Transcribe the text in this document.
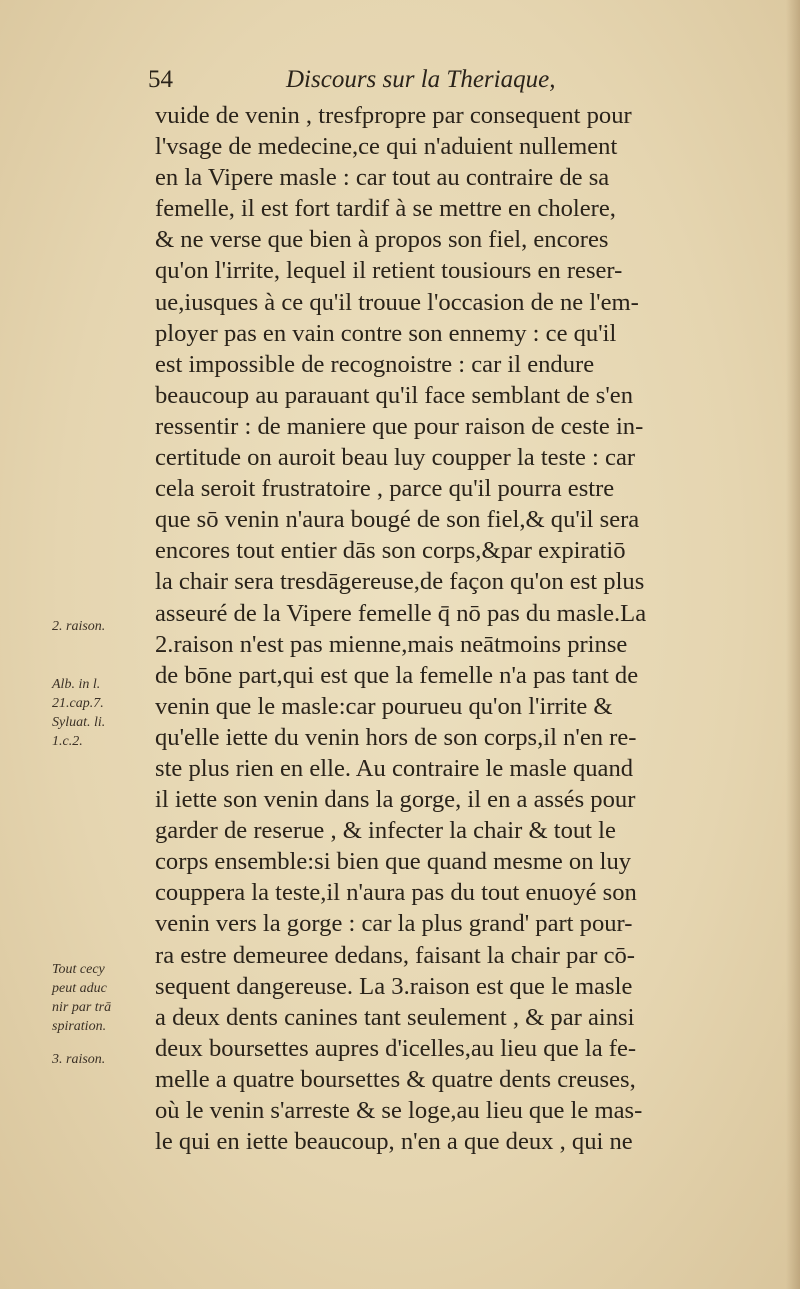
54	Discours sur la Theriaque,
vuide de venin , tresfpropre par consequent pour
l'vsage de medecine,ce qui n'aduient nullement
en la Vipere masle : car tout au contraire de sa
femelle, il est fort tardif à se mettre en cholere,
& ne verse que bien à propos son fiel, encores
qu'on l'irrite, lequel il retient tousiours en reser-
ue,iusques à ce qu'il trouue l'occasion de ne l'em-
ployer pas en vain contre son ennemy : ce qu'il
est impossible de recognoistre : car il endure
beaucoup au parauant qu'il face semblant de s'en
ressentir : de maniere que pour raison de ceste in-
certitude on auroit beau luy coupper la teste : car
cela seroit frustratoire , parce qu'il pourra estre
que sō venin n'aura bougé de son fiel,& qu'il sera
encores tout entier dās son corps,&par expiratiō
la chair sera tresdāgereuse,de façon qu'on est plus
asseuré de la Vipere femelle q̄ nō pas du masle.La
2.raison n'est pas mienne,mais neātmoins prinse
de bōne part,qui est que la femelle n'a pas tant de
venin que le masle:car pourueu qu'on l'irrite &
qu'elle iette du venin hors de son corps,il n'en re-
ste plus rien en elle. Au contraire le masle quand
il iette son venin dans la gorge, il en a assés pour
garder de reserue , & infecter la chair & tout le
corps ensemble:si bien que quand mesme on luy
couppera la teste,il n'aura pas du tout enuoyé son
venin vers la gorge : car la plus grand' part pour-
ra estre demeuree dedans, faisant la chair par cō-
sequent dangereuse. La 3.raison est que le masle
a deux dents canines tant seulement , & par ainsi
deux boursettes aupres d'icelles,au lieu que la fe-
melle a quatre boursettes & quatre dents creuses,
où le venin s'arreste & se loge,au lieu que le mas-
le qui en iette beaucoup, n'en a que deux , qui ne
2. raison.
Alb. in l.
21.cap.7.
Syluat. li.
1.c.2.
Tout cecy
peut aduc
nir par trā
spiration.
3. raison.
